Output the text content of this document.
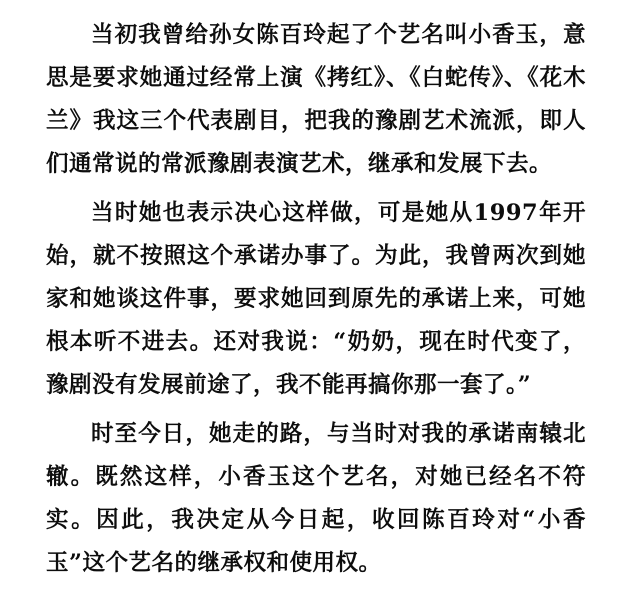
当初我曾给孙女陈百玲起了个艺名叫小香玉，意思是要求她通过经常上演《拷红》、《白蛇传》、《花木兰》我这三个代表剧目，把我的豫剧艺术流派，即人们通常说的常派豫剧表演艺术，继承和发展下去。

当时她也表示决心这样做，可是她从1997年开始，就不按照这个承诺办事了。为此，我曾两次到她家和她谈这件事，要求她回到原先的承诺上来，可她根本听不进去。还对我说：“奶奶，现在时代变了，豫剧没有发展前途了，我不能再搞你那一套了。”

时至今日，她走的路，与当时对我的承诺南辕北辙。既然这样，小香玉这个艺名，对她已经名不符实。因此，我决定从今日起，收回陈百玲对“小香玉”这个艺名的继承权和使用权。
